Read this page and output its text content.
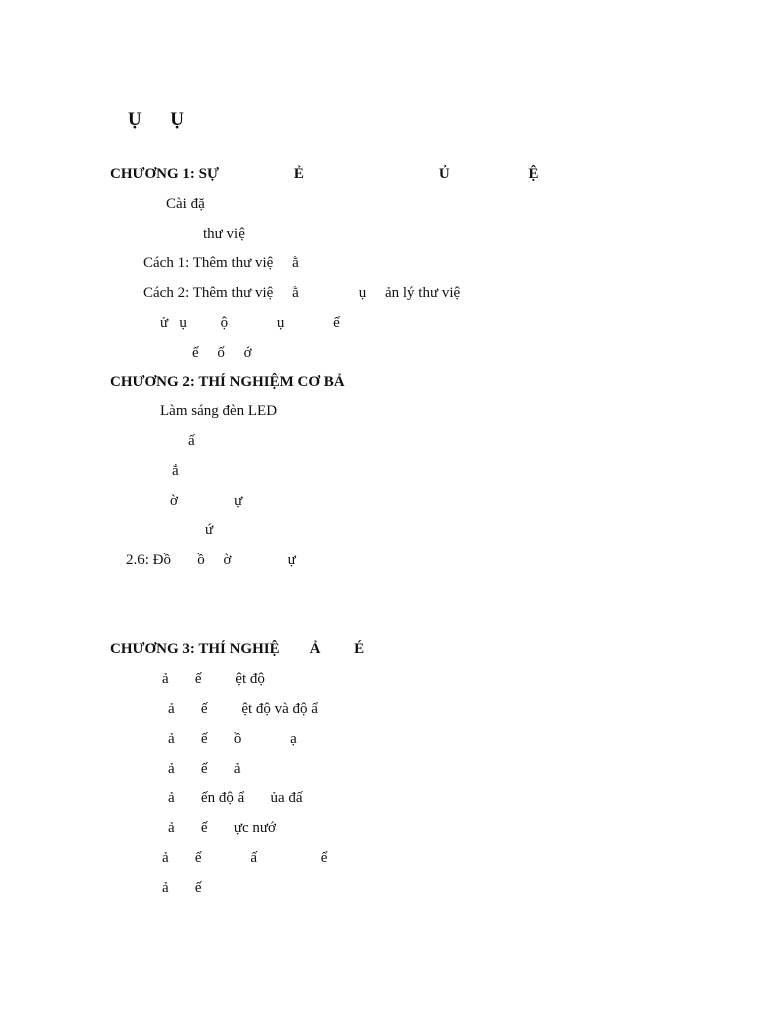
Ụ      Ụ
CHƯƠNG 1: SỰ                    Ẻ                                    Ủ                     Ệ
Cài đặ
thư việ
Cách 1: Thêm thư việ     ằ
Cách 2: Thêm thư việ     ằ                ụ     ản lý thư việ
ử   ụ         ộ             ụ             ể
ế     ố     ớ
CHƯƠNG 2: THÍ NGHIỆM CƠ BẢ
Làm sáng đèn LED
ấ
ắ
ờ               ự
ứ
2.6: Đồ       ồ     ờ               ự
CHƯƠNG 3: THÍ NGHIỆ        Ả         É
ả       ế         ệt độ
ả       ế         ệt độ và độ ẩ
ả       ế       ồ             ạ
ả       ế       ả
ả       ến độ ẩ       ủa đấ
ả       ế       ực nướ
ả       ế             ấ                 ể
ả       ế
